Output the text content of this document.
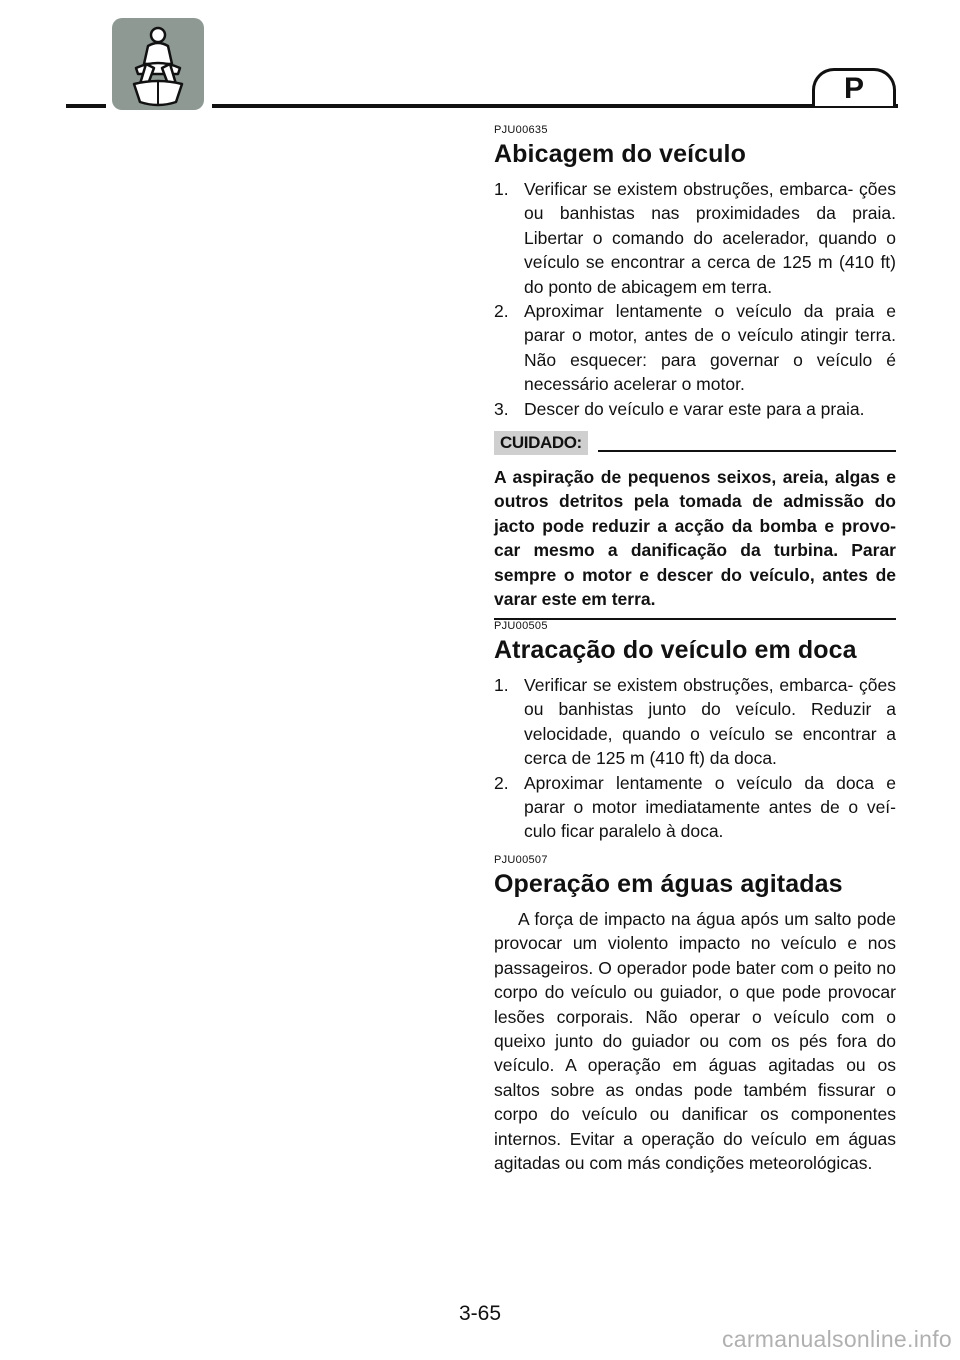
P

PJU00635

Abicagem do veículo
1. Verificar se existem obstruções, embarca- ções ou banhistas nas proximidades da praia. Libertar o comando do acelerador, quando o veículo se encontrar a cerca de 125 m (410 ft) do ponto de abicagem em terra.
2. Aproximar lentamente o veículo da praia e parar o motor, antes de o veículo atingir terra. Não esquecer: para governar o veículo é necessário acelerar o motor.
3. Descer do veículo e varar este para a praia.
CUIDADO:

A aspiração de pequenos seixos, areia, algas e outros detritos pela tomada de admissão do jacto pode reduzir a acção da bomba e provo- car mesmo a danificação da turbina. Parar sempre o motor e descer do veículo, antes de varar este em terra.

PJU00505

Atracação do veículo em doca
1. Verificar se existem obstruções, embarca- ções ou banhistas junto do veículo. Reduzir a velocidade, quando o veículo se encontrar a cerca de 125 m (410 ft) da doca.
2. Aproximar lentamente o veículo da doca e parar o motor imediatamente antes de o veí- culo ficar paralelo à doca.

PJU00507

Operação em águas agitadas

A força de impacto na água após um salto pode provocar um violento impacto no veículo e nos passageiros. O operador pode bater com o peito no corpo do veículo ou guiador, o que pode provocar lesões corporais. Não operar o veículo com o queixo junto do guiador ou com os pés fora do veículo. A operação em águas agitadas ou os saltos sobre as ondas pode também fissurar o corpo do veículo ou danificar os componentes internos. Evitar a operação do veículo em águas agitadas ou com más condições meteorológicas.

3-65
carmanualsonline.info
